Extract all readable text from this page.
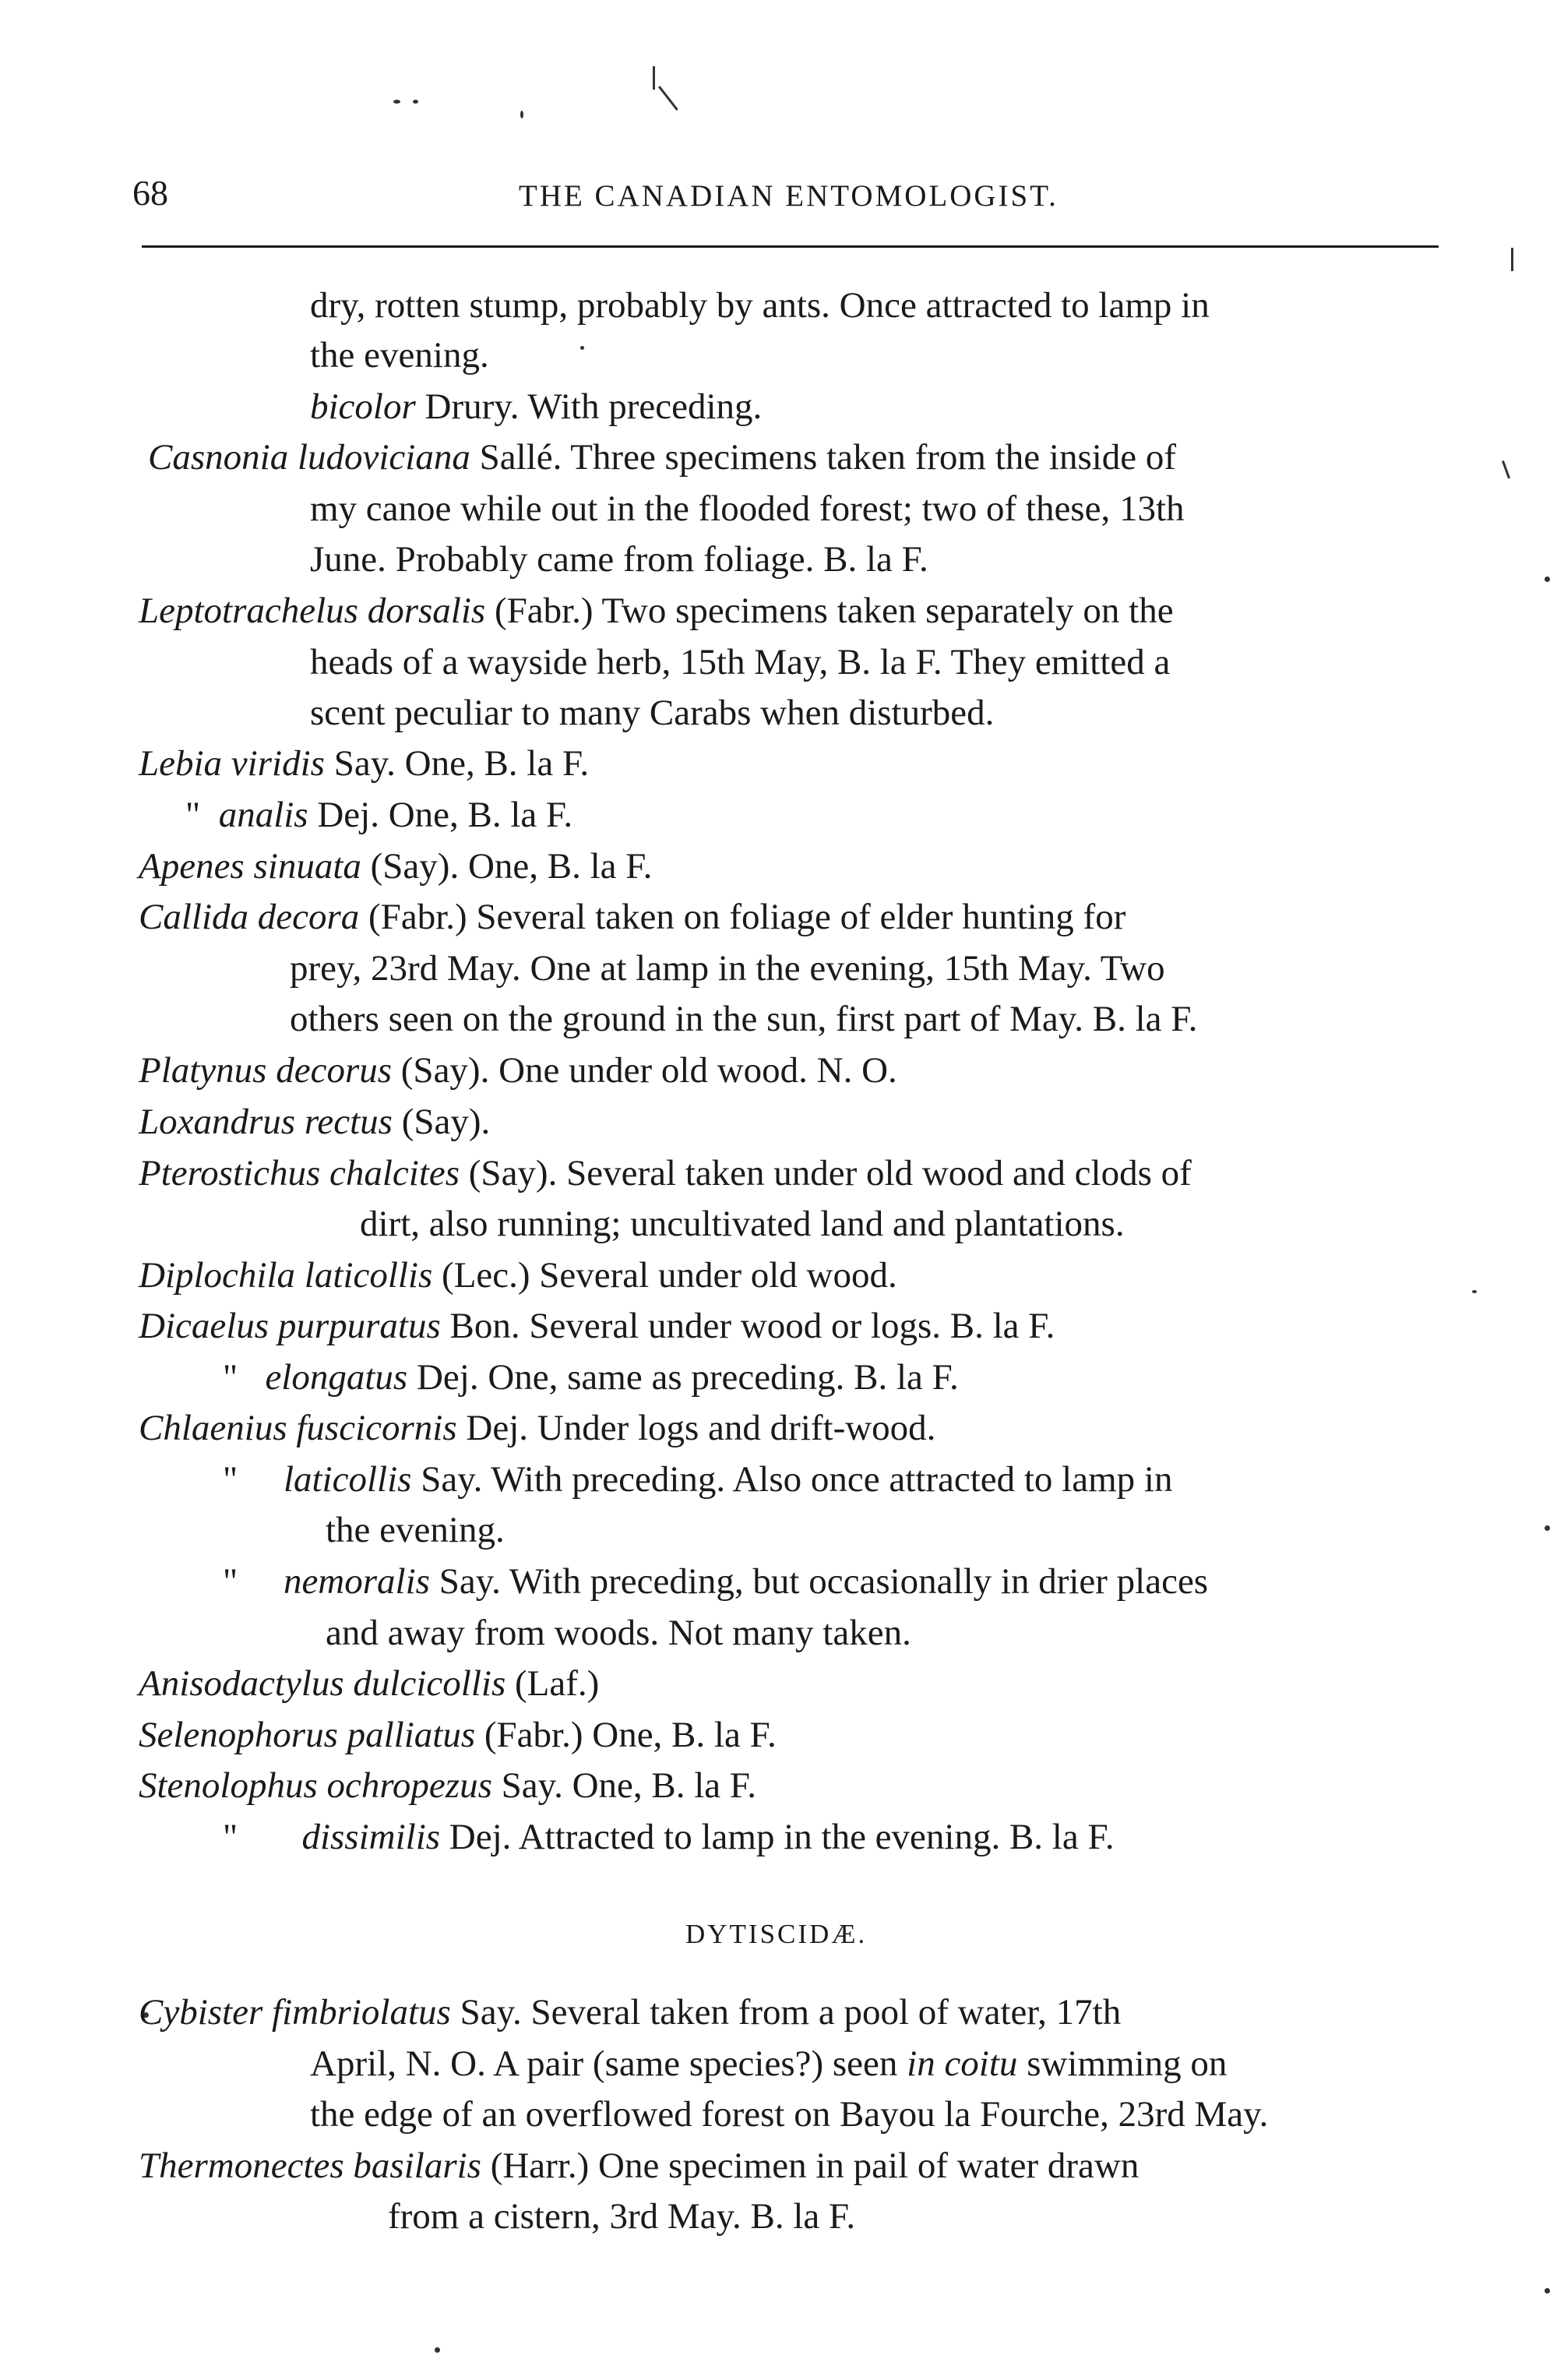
68	THE CANADIAN ENTOMOLOGIST.
dry, rotten stump, probably by ants. Once attracted to lamp in
the evening.
bicolor Drury. With preceding.
Casnonia ludoviciana Sallé. Three specimens taken from the inside of
my canoe while out in the flooded forest; two of these, 13th
June. Probably came from foliage. B. la F.
Leptotrachelus dorsalis (Fabr.) Two specimens taken separately on the
heads of a wayside herb, 15th May, B. la F. They emitted a
scent peculiar to many Carabs when disturbed.
Lebia viridis Say. One, B. la F.
" analis Dej. One, B. la F.
Apenes sinuata (Say). One, B. la F.
Callida decora (Fabr.) Several taken on foliage of elder hunting for
prey, 23rd May. One at lamp in the evening, 15th May. Two
others seen on the ground in the sun, first part of May. B. la F.
Platynus decorus (Say). One under old wood. N. O.
Loxandrus rectus (Say).
Pterostichus chalcites (Say). Several taken under old wood and clods of
dirt, also running; uncultivated land and plantations.
Diplochila laticollis (Lec.) Several under old wood.
Dicaelus purpuratus Bon. Several under wood or logs. B. la F.
" elongatus Dej. One, same as preceding. B. la F.
Chlaenius fuscicornis Dej. Under logs and drift-wood.
" laticollis Say. With preceding. Also once attracted to lamp in
the evening.
" nemoralis Say. With preceding, but occasionally in drier places
and away from woods. Not many taken.
Anisodactylus dulcicollis (Laf.)
Selenophorus palliatus (Fabr.) One, B. la F.
Stenolophus ochropezus Say. One, B. la F.
" dissimilis Dej. Attracted to lamp in the evening. B. la F.
DYTISCIDÆ.
Cybister fimbriolatus Say. Several taken from a pool of water, 17th
April, N. O. A pair (same species?) seen in coitu swimming on
the edge of an overflowed forest on Bayou la Fourche, 23rd May.
Thermonectes basilaris (Harr.) One specimen in pail of water drawn
from a cistern, 3rd May. B. la F.
